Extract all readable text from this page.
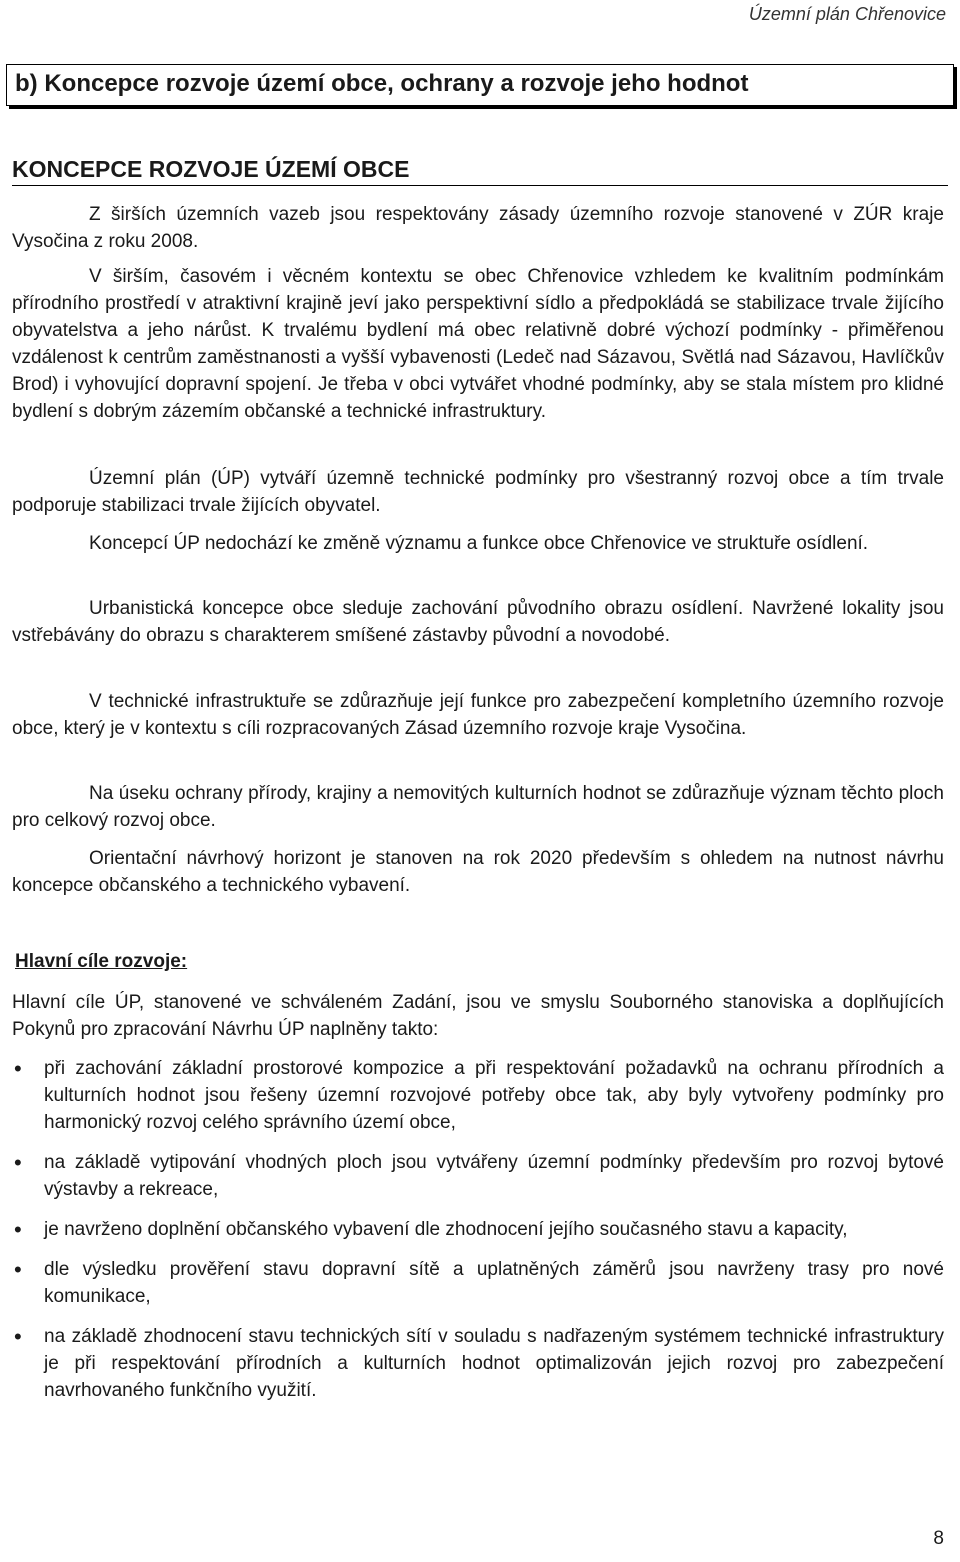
Územní plán Chřenovice
b) Koncepce rozvoje území obce, ochrany a rozvoje jeho hodnot
KONCEPCE ROZVOJE ÚZEMÍ OBCE

Z širších územních vazeb jsou respektovány zásady územního rozvoje stanovené v ZÚR kraje Vysočina z roku 2008.

V širším, časovém i věcném kontextu se obec Chřenovice vzhledem ke kvalitním podmínkám přírodního prostředí v atraktivní krajině jeví jako perspektivní sídlo a předpokládá se stabilizace trvale žijícího obyvatelstva a jeho nárůst. K trvalému bydlení má obec relativně dobré výchozí podmínky - přiměřenou vzdálenost k centrům zaměstnanosti a vyšší vybavenosti (Ledeč nad Sázavou, Světlá nad Sázavou, Havlíčkův Brod) i vyhovující dopravní spojení. Je třeba v obci vytvářet vhodné podmínky, aby se stala místem pro klidné bydlení s dobrým zázemím občanské a technické infrastruktury.

Územní plán (ÚP) vytváří územně technické podmínky pro všestranný rozvoj obce a tím trvale podporuje stabilizaci trvale žijících obyvatel.

Koncepcí ÚP nedochází ke změně významu a funkce obce Chřenovice ve struktuře osídlení.

Urbanistická koncepce obce sleduje zachování původního obrazu osídlení. Navržené lokality jsou vstřebávány do obrazu s charakterem smíšené zástavby původní a novodobé.

V technické infrastruktuře se zdůrazňuje její funkce pro zabezpečení kompletního územního rozvoje obce, který je v kontextu s cíli rozpracovaných Zásad územního rozvoje kraje Vysočina.

Na úseku ochrany přírody, krajiny a nemovitých kulturních hodnot se zdůrazňuje význam těchto ploch pro celkový rozvoj obce.

Orientační návrhový horizont je stanoven na rok 2020 především s ohledem na nutnost návrhu koncepce občanského a technického vybavení.

Hlavní cíle rozvoje:

Hlavní cíle ÚP, stanovené ve schváleném Zadání, jsou ve smyslu Souborného stanoviska a doplňujících Pokynů pro zpracování Návrhu ÚP naplněny takto:

• při zachování základní prostorové kompozice a při respektování požadavků na ochranu přírodních a kulturních hodnot jsou řešeny územní rozvojové potřeby obce tak, aby byly vytvořeny podmínky pro harmonický rozvoj celého správního území obce,
• na základě vytipování vhodných ploch jsou vytvářeny územní podmínky především pro rozvoj bytové výstavby a rekreace,
• je navrženo doplnění občanského vybavení dle zhodnocení jejího současného stavu a kapacity,
• dle výsledku prověření stavu dopravní sítě a uplatněných záměrů jsou navrženy trasy pro nové komunikace,
• na základě zhodnocení stavu technických sítí v souladu s nadřazeným systémem technické infrastruktury je při respektování přírodních a kulturních hodnot optimalizován jejich rozvoj pro zabezpečení navrhovaného funkčního využití.
8
